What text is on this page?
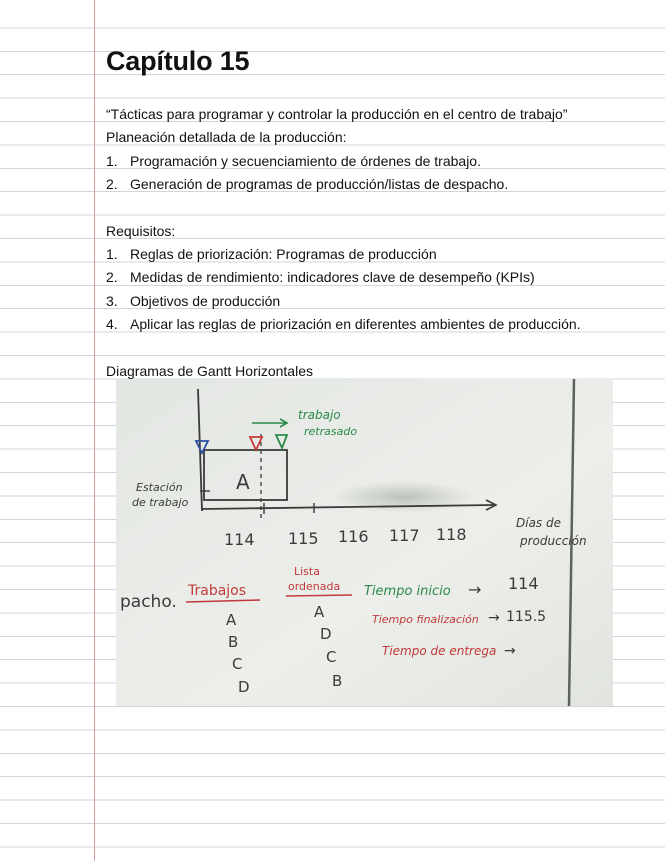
Capítulo 15
“Tácticas para programar y controlar la producción en el centro de trabajo”
Planeación detallada de la producción:
1. Programación y secuenciamiento de órdenes de trabajo.
2. Generación de programas de producción/listas de despacho.
Requisitos:
1. Reglas de priorización: Programas de producción
2. Medidas de rendimiento: indicadores clave de desempeño (KPIs)
3. Objetivos de producción
4. Aplicar las reglas de priorización en diferentes ambientes de producción.
Diagramas de Gantt Horizontales
A
trabajo
retrasado
Estación
de trabajo
114 115 116 117 118
Días de
producción
pacho.
Trabajos
A
B
C
D
Lista
ordenada
A
D
C
B
Tiempo inicio → 114
Tiempo finalización → 115.5
Tiempo de entrega →
